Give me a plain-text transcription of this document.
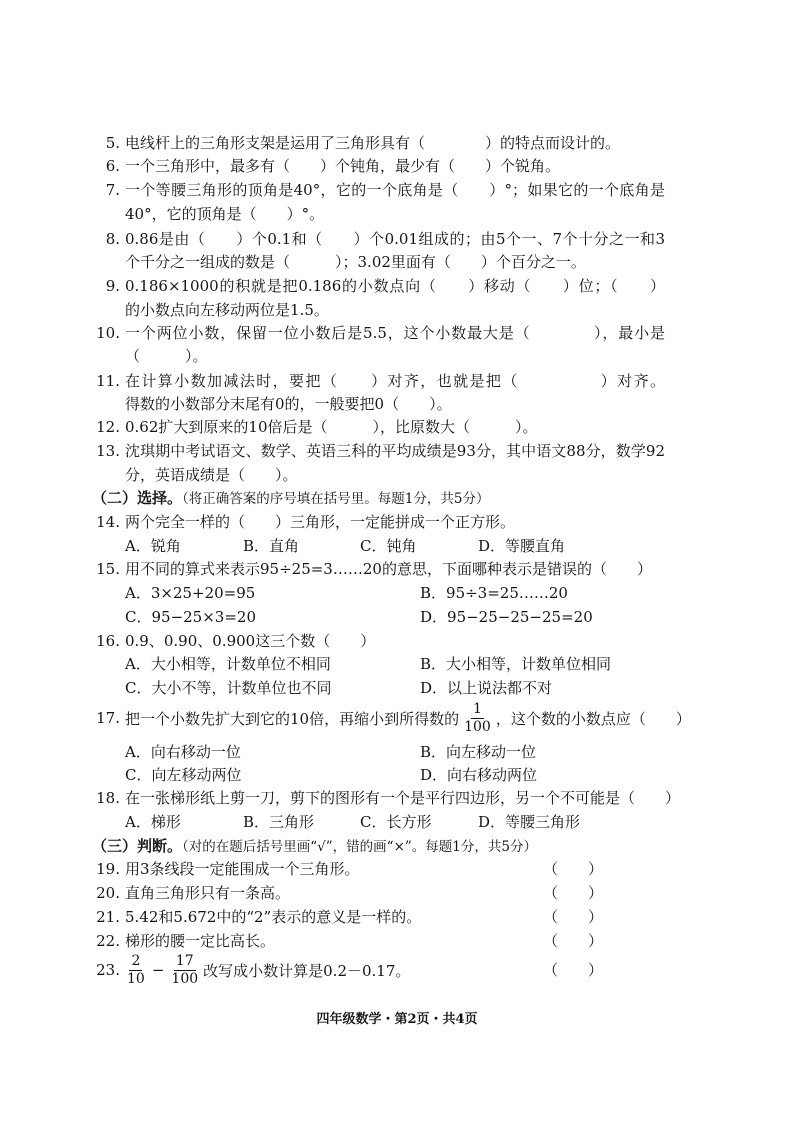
5. 电线杆上的三角形支架是运用了三角形具有（　　　　）的特点而设计的。
6. 一个三角形中，最多有（　　）个钝角，最少有（　　）个锐角。
7. 一个等腰三角形的顶角是40°，它的一个底角是（　　）°；如果它的一个底角是
40°，它的顶角是（　　）°。
8. 0.86是由（　　）个0.1和（　　）个0.01组成的；由5个一、7个十分之一和3
个千分之一组成的数是（　　　）；3.02里面有（　　）个百分之一。
9. 0.186×1000的积就是把0.186的小数点向（　　）移动（　　）位；（　　）
的小数点向左移动两位是1.5。
10. 一个两位小数，保留一位小数后是5.5，这个小数最大是（　　　　），最小是
（　　　）。
11. 在计算小数加减法时，要把（　　）对齐，也就是把（　　　　　）对齐。
得数的小数部分末尾有0的，一般要把0（　　）。
12. 0.62扩大到原来的10倍后是（　　　），比原数大（　　　）。
13. 沈琪期中考试语文、数学、英语三科的平均成绩是93分，其中语文88分，数学92
分，英语成绩是（　　）。
（二）选择。（将正确答案的序号填在括号里。每题1分，共5分）
14. 两个完全一样的（　　）三角形，一定能拼成一个正方形。
A．锐角	B．直角	C．钝角	D．等腰直角
15. 用不同的算式来表示95÷25=3……20的意思，下面哪种表示是错误的（　　）
A．3×25+20=95	B．95÷3=25……20
C．95−25×3=20	D．95−25−25−25=20
16. 0.9、0.90、0.900这三个数（　　）
A．大小相等，计数单位不相同	B．大小相等，计数单位相同
C．大小不等，计数单位也不同	D．以上说法都不对
17. 把一个小数先扩大到它的10倍，再缩小到所得数的 $\frac{1}{100}$ ，这个数的小数点应（　　）
A．向右移动一位	B．向左移动一位
C．向左移动两位	D．向右移动两位
18. 在一张梯形纸上剪一刀，剪下的图形有一个是平行四边形，另一个不可能是（　　）
A．梯形	B．三角形	C．长方形	D．等腰三角形
（三）判断。（对的在题后括号里画“√”，错的画“×”。每题1分，共5分）
19. 用3条线段一定能围成一个三角形。	（　　）
20. 直角三角形只有一条高。	（　　）
21. 5.42和5.672中的“2”表示的意义是一样的。	（　　）
22. 梯形的腰一定比高长。	（　　）
23. $\frac{2}{10} - \frac{17}{100}$ 改写成小数计算是0.2－0.17。	（　　）
四年级数学・第2页・共4页
